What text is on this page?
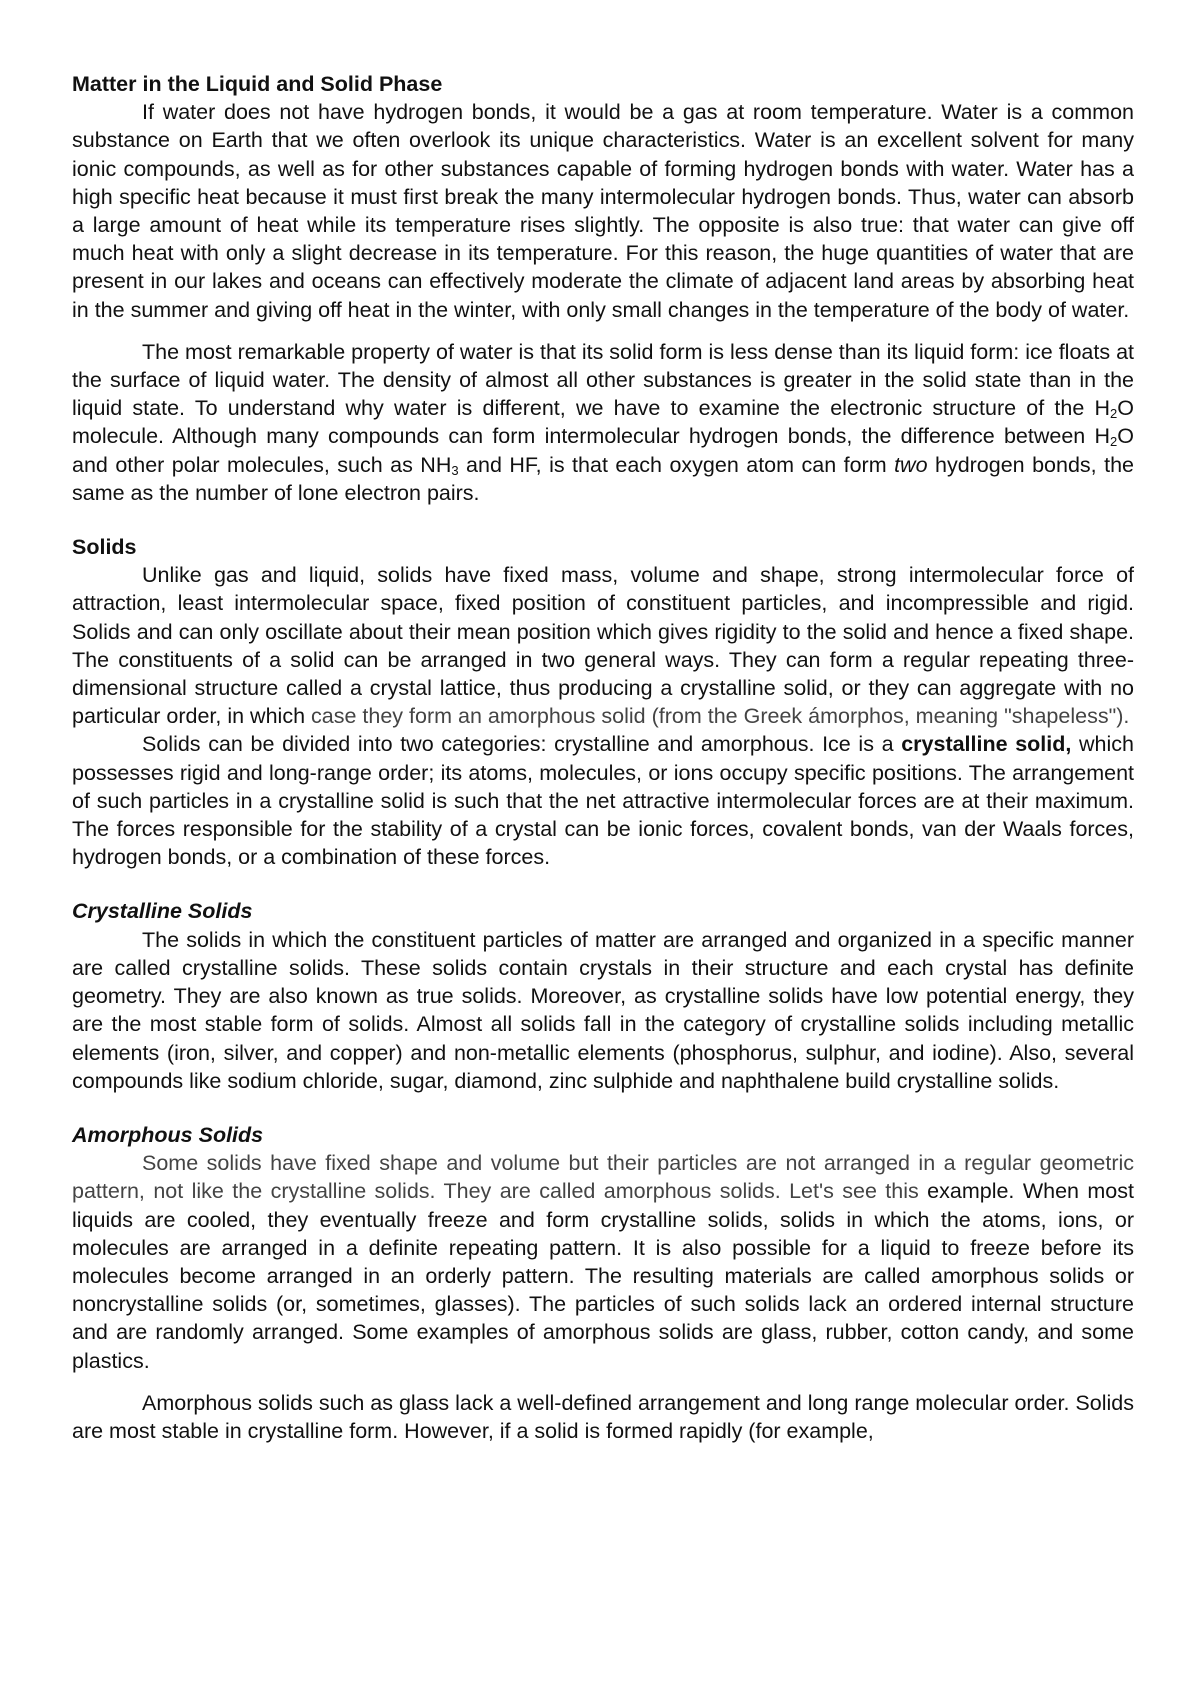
Matter in the Liquid and Solid Phase

If water does not have hydrogen bonds, it would be a gas at room temperature. Water is a common substance on Earth that we often overlook its unique characteristics. Water is an excellent solvent for many ionic compounds, as well as for other substances capable of forming hydrogen bonds with water. Water has a high specific heat because it must first break the many intermolecular hydrogen bonds. Thus, water can absorb a large amount of heat while its temperature rises slightly. The opposite is also true: that water can give off much heat with only a slight decrease in its temperature. For this reason, the huge quantities of water that are present in our lakes and oceans can effectively moderate the climate of adjacent land areas by absorbing heat in the summer and giving off heat in the winter, with only small changes in the temperature of the body of water.

The most remarkable property of water is that its solid form is less dense than its liquid form: ice floats at the surface of liquid water. The density of almost all other substances is greater in the solid state than in the liquid state. To understand why water is different, we have to examine the electronic structure of the $H_2O$ molecule. Although many compounds can form intermolecular hydrogen bonds, the difference between $H_2O$ and other polar molecules, such as $NH_3$ and HF, is that each oxygen atom can form two hydrogen bonds, the same as the number of lone electron pairs.

Solids

Unlike gas and liquid, solids have fixed mass, volume and shape, strong intermolecular force of attraction, least intermolecular space, fixed position of constituent particles, and incompressible and rigid. Solids and can only oscillate about their mean position which gives rigidity to the solid and hence a fixed shape. The constituents of a solid can be arranged in two general ways. They can form a regular repeating three-dimensional structure called a crystal lattice, thus producing a crystalline solid, or they can aggregate with no particular order, in which case they form an amorphous solid (from the Greek ámorphos, meaning "shapeless").

Solids can be divided into two categories: crystalline and amorphous. Ice is a crystalline solid, which possesses rigid and long-range order; its atoms, molecules, or ions occupy specific positions. The arrangement of such particles in a crystalline solid is such that the net attractive intermolecular forces are at their maximum. The forces responsible for the stability of a crystal can be ionic forces, covalent bonds, van der Waals forces, hydrogen bonds, or a combination of these forces.

Crystalline Solids

The solids in which the constituent particles of matter are arranged and organized in a specific manner are called crystalline solids. These solids contain crystals in their structure and each crystal has definite geometry. They are also known as true solids. Moreover, as crystalline solids have low potential energy, they are the most stable form of solids. Almost all solids fall in the category of crystalline solids including metallic elements (iron, silver, and copper) and non-metallic elements (phosphorus, sulphur, and iodine). Also, several compounds like sodium chloride, sugar, diamond, zinc sulphide and naphthalene build crystalline solids.

Amorphous Solids

Some solids have fixed shape and volume but their particles are not arranged in a regular geometric pattern, not like the crystalline solids. They are called amorphous solids. Let's see this example. When most liquids are cooled, they eventually freeze and form crystalline solids, solids in which the atoms, ions, or molecules are arranged in a definite repeating pattern. It is also possible for a liquid to freeze before its molecules become arranged in an orderly pattern. The resulting materials are called amorphous solids or noncrystalline solids (or, sometimes, glasses). The particles of such solids lack an ordered internal structure and are randomly arranged. Some examples of amorphous solids are glass, rubber, cotton candy, and some plastics.

Amorphous solids such as glass lack a well-defined arrangement and long range molecular order. Solids are most stable in crystalline form. However, if a solid is formed rapidly (for example,
